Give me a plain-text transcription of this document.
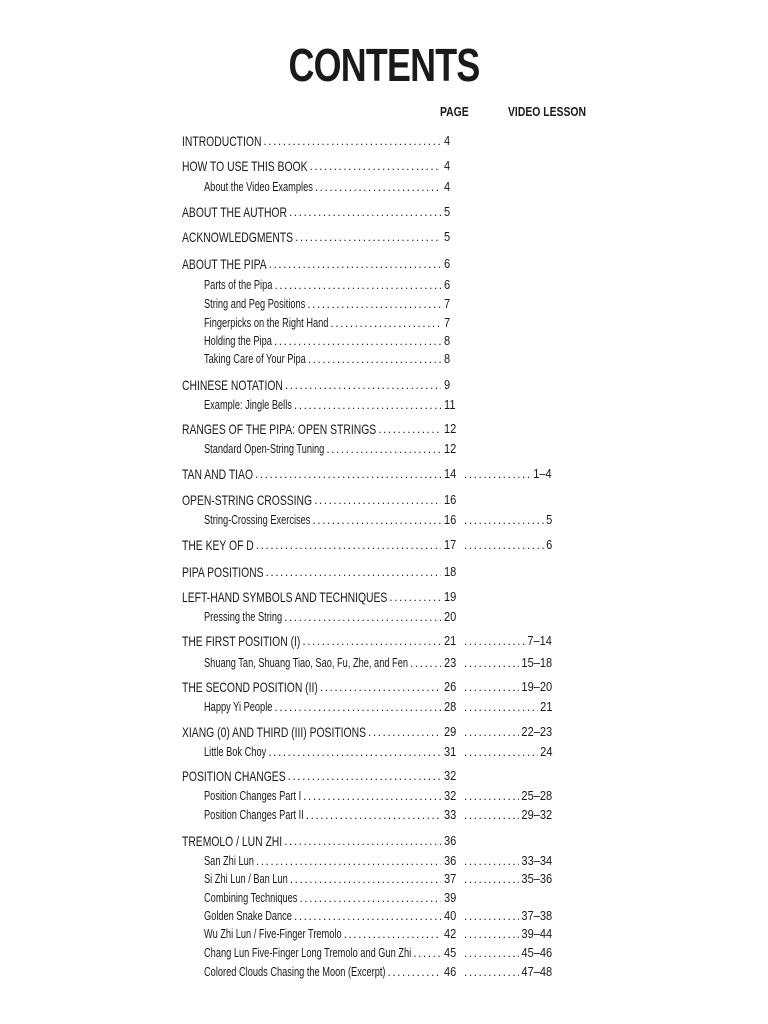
CONTENTS
PAGE	VIDEO LESSON
INTRODUCTION .....	4
HOW TO USE THIS BOOK .....	4
About the Video Examples .....	4
ABOUT THE AUTHOR .....	5
ACKNOWLEDGMENTS .....	5
ABOUT THE PIPA .....	6
Parts of the Pipa .....	6
String and Peg Positions .....	7
Fingerpicks on the Right Hand .....	7
Holding the Pipa .....	8
Taking Care of Your Pipa .....	8
CHINESE NOTATION .....	9
Example: Jingle Bells .....	11
RANGES OF THE PIPA: OPEN STRINGS .....	12
Standard Open-String Tuning .....	12
TAN AND TIAO .....	14 .....	1–4
OPEN-STRING CROSSING .....	16
String-Crossing Exercises .....	16 .....	5
THE KEY OF D .....	17 .....	6
PIPA POSITIONS .....	18
LEFT-HAND SYMBOLS AND TECHNIQUES .....	19
Pressing the String .....	20
THE FIRST POSITION (I) .....	21 .....	7–14
Shuang Tan, Shuang Tiao, Sao, Fu, Zhe, and Fen .....	23 .....	15–18
THE SECOND POSITION (II) .....	26 .....	19–20
Happy Yi People .....	28 .....	21
XIANG (0) AND THIRD (III) POSITIONS .....	29 .....	22–23
Little Bok Choy .....	31 .....	24
POSITION CHANGES .....	32
Position Changes Part I .....	32 .....	25–28
Position Changes Part II .....	33 .....	29–32
TREMOLO / LUN ZHI .....	36
San Zhi Lun .....	36 .....	33–34
Si Zhi Lun / Ban Lun .....	37 .....	35–36
Combining Techniques .....	39
Golden Snake Dance .....	40 .....	37–38
Wu Zhi Lun / Five-Finger Tremolo .....	42 .....	39–44
Chang Lun Five-Finger Long Tremolo and Gun Zhi .....	45 .....	45–46
Colored Clouds Chasing the Moon (Excerpt) .....	46 .....	47–48
